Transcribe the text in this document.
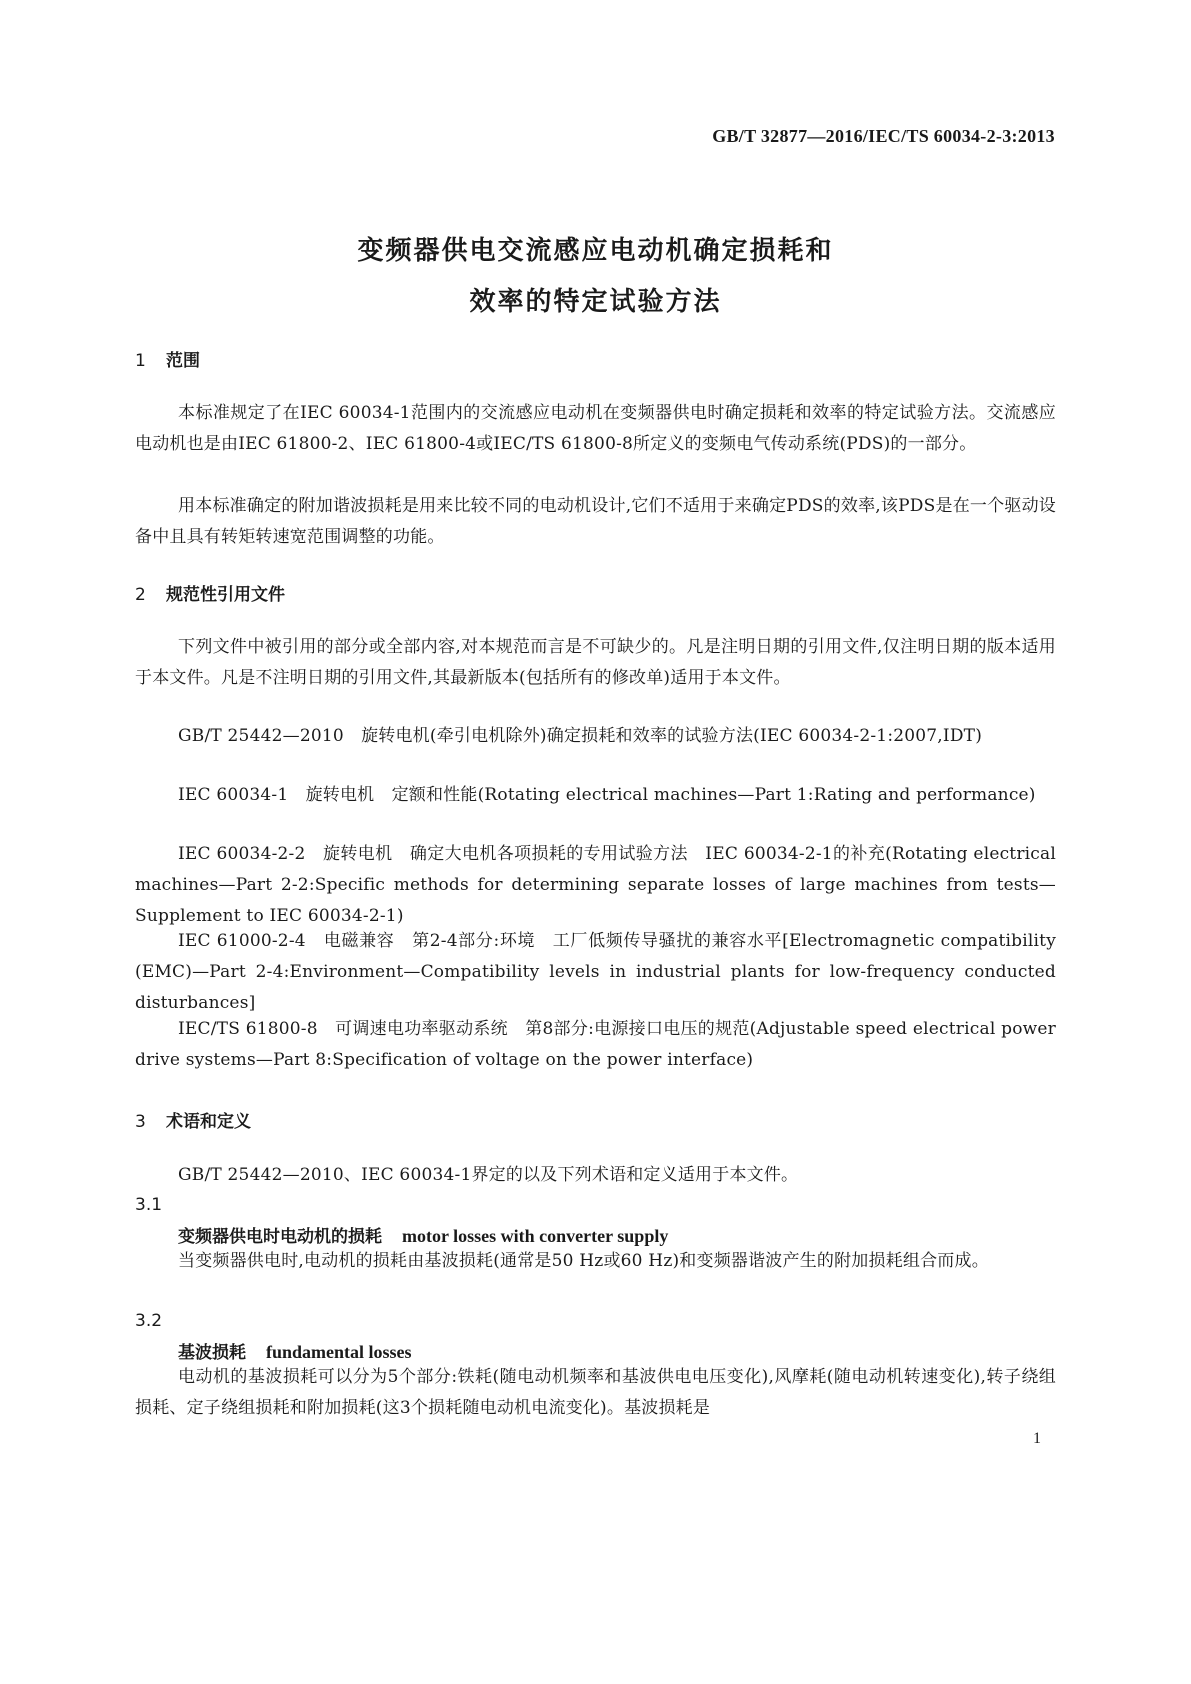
GB/T 32877—2016/IEC/TS 60034-2-3:2013
变频器供电交流感应电动机确定损耗和
效率的特定试验方法
1 范围

本标准规定了在IEC 60034-1范围内的交流感应电动机在变频器供电时确定损耗和效率的特定试验方法。交流感应电动机也是由IEC 61800-2、IEC 61800-4或IEC/TS 61800-8所定义的变频电气传动系统(PDS)的一部分。

用本标准确定的附加谐波损耗是用来比较不同的电动机设计,它们不适用于来确定PDS的效率,该PDS是在一个驱动设备中且具有转矩转速宽范围调整的功能。

2 规范性引用文件

下列文件中被引用的部分或全部内容,对本规范而言是不可缺少的。凡是注明日期的引用文件,仅注明日期的版本适用于本文件。凡是不注明日期的引用文件,其最新版本(包括所有的修改单)适用于本文件。

GB/T 25442—2010　旋转电机(牵引电机除外)确定损耗和效率的试验方法(IEC 60034-2-1:2007,IDT)

IEC 60034-1　旋转电机　定额和性能(Rotating electrical machines—Part 1:Rating and performance)

IEC 60034-2-2　旋转电机　确定大电机各项损耗的专用试验方法　IEC 60034-2-1的补充(Rotating electrical machines—Part 2-2:Specific methods for determining separate losses of large machines from tests—Supplement to IEC 60034-2-1)

IEC 61000-2-4　电磁兼容　第2-4部分:环境　工厂低频传导骚扰的兼容水平[Electromagnetic compatibility (EMC)—Part 2-4:Environment—Compatibility levels in industrial plants for low-frequency conducted disturbances]

IEC/TS 61800-8　可调速电功率驱动系统　第8部分:电源接口电压的规范(Adjustable speed electrical power drive systems—Part 8:Specification of voltage on the power interface)

3 术语和定义

GB/T 25442—2010、IEC 60034-1界定的以及下列术语和定义适用于本文件。

3.1
变频器供电时电动机的损耗 motor losses with converter supply

当变频器供电时,电动机的损耗由基波损耗(通常是50 Hz或60 Hz)和变频器谐波产生的附加损耗组合而成。

3.2
基波损耗 fundamental losses

电动机的基波损耗可以分为5个部分:铁耗(随电动机频率和基波供电电压变化),风摩耗(随电动机转速变化),转子绕组损耗、定子绕组损耗和附加损耗(这3个损耗随电动机电流变化)。基波损耗是

1
